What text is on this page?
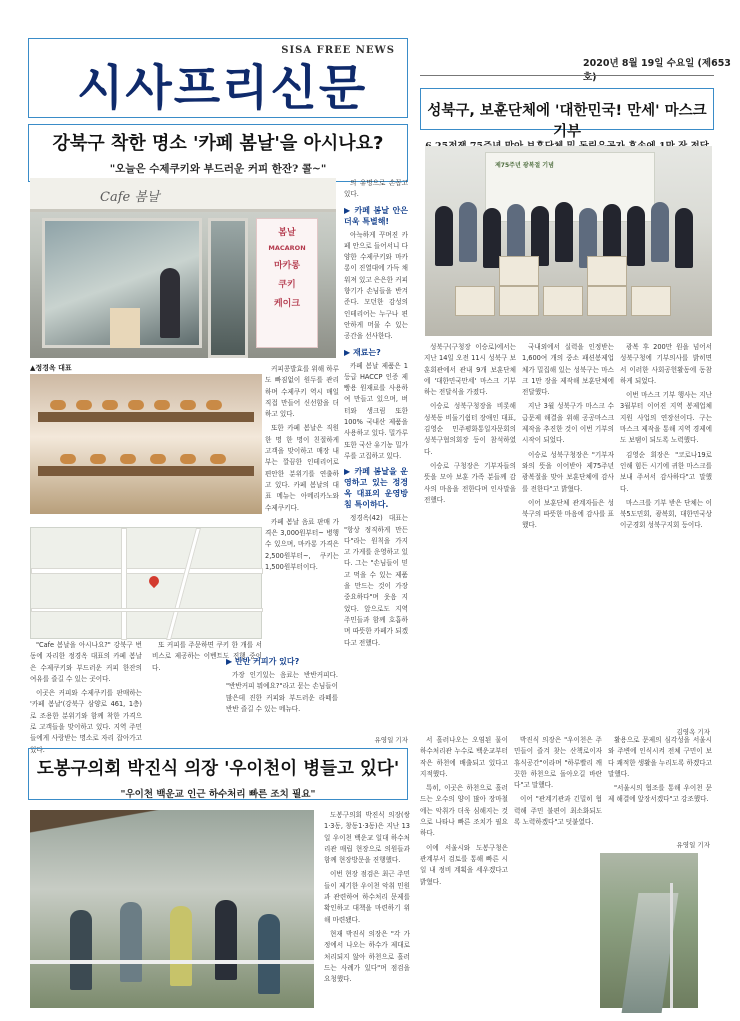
SISA FREE NEWS
시사프리신문	2020년 8월 19일 수요일 (제653호)
강북구 착한 명소 '카페 봄날'을 아시나요?
"오늘은 수제쿠키와 부드러운 커피 한잔? 콜~"
Cafe 봄날
봄날
MACARON
마카롱
쿠키
케이크
▲정경옥 대표

"Cafe 봄날을 아시나요?" 강북구 번동에 자리한 정경옥 대표의 카페 봄날은 수제쿠키와 부드러운 커피 한잔의 여유를 즐길 수 있는 곳이다.

이곳은 커피와 수제쿠키를 판매하는 '카페 봄날'(강북구 삼양로 461, 1층)로 조용한 분위기와 함께 착한 가격으로 고객들을 맞이하고 있다. 지역 주민들에게 사랑받는 명소로 자리 잡아가고 있다.

또 커피를 주문하면 쿠키 한 개를 서비스로 제공하는 이벤트도 진행 중이다.

커피콩발효를 위해 하루도 빠짐없이 원두를 관리하며 수제쿠키 역시 매일 직접 만들어 신선함을 더하고 있다.

또한 카페 봄날은 직원 한 명 한 명이 친절하게 고객을 맞이하고 매장 내부는 깔끔한 인테리어로 편안한 분위기를 연출하고 있다. 카페 봄날의 대표 메뉴는 아메리카노와 수제쿠키다.

카페 봄날 음료 판매 가격은 3,000원부터~ 병행 수 있으며, 마카롱 가격은 2,500원부터~, 쿠키는 1,500원부터이다.

▶ 반반 커피가 있다?

가장 인기있는 음료는 반반커피다. "반반커피 뭐예요?"라고 묻는 손님들이 많은데 진한 커피와 부드러운 라떼를 반반 즐길 수 있는 메뉴다.

의 유명으로 손꼽고 있다.

▶ 카페 봄날 안은 더욱 특별해!

아늑하게 꾸며진 카페 안으로 들어서니 다양한 수제쿠키와 마카롱이 진열대에 가득 채워져 있고 은은한 커피 향기가 손님들을 반겨준다. 모던한 감성의 인테리어는 누구나 편안하게 머물 수 있는 공간을 선사한다.

▶ 재료는?

카페 봄날 제품은 1등급 HACCP 인증 제빵용 원재료를 사용하여 만들고 있으며, 버터와 생크림 또한 100% 국내산 제품을 사용하고 있다. 밀가루 또한 국산 유기농 밀가루를 고집하고 있다.

▶ 카페 봄날을 운영하고 있는 정경옥 대표의 운영방침 특이하다.

정경옥(42) 대표는 "항상 정직하게 만든다"라는 원칙을 가지고 가게를 운영하고 있다. 그는 "손님들이 믿고 먹을 수 있는 제품을 만드는 것이 가장 중요하다"며 웃음 지었다. 앞으로도 지역 주민들과 함께 호흡하며 따뜻한 카페가 되겠다고 전했다.

유영일 기자
성북구, 보훈단체에 '대한민국! 만세' 마스크 기부
제75주년 광복절 기념

성북구(구청장 이승로)에서는 지난 14일 오전 11시 성북구 보훈회관에서 관내 9개 보훈단체에 '대한민국만세' 마스크 기부하는 전달식을 가졌다.

이승로 성북구청장을 비롯해 성북동 비둘기쉼터 장애인 대표, 김영순 민주평화통일자문회의 성북구협의회장 등이 참석하였다.

이승로 구청장은 기부자들의 뜻을 모아 보훈 가족 분들께 감사의 마음을 전한다며 인사말을 전했다.

국내외에서 실력을 인정받는 1,600여 개의 중소 패션봉제업체가 밀집해 있는 성북구는 마스크 1만 장을 제작해 보훈단체에 전달했다.

지난 3월 성북구가 마스크 수급문제 해결을 위해 공공마스크 제작을 추진한 것이 이번 기부의 시작이 되었다.

이승로 성북구청장은 "기부자와의 뜻을 이어받아 제75주년 광복절을 맞아 보훈단체에 감사를 전한다"고 밝혔다.

이어 보훈단체 관계자들은 성북구의 따뜻한 마음에 감사를 표했다.

광복 후 200만 원을 넘어서 성북구청에 기부의사를 밝히면서 이러한 사회공헌활동에 동참하게 되었다.

이번 마스크 기부 행사는 지난 3월부터 이어진 지역 봉제업체 지원 사업의 연장선이다. 구는 마스크 제작을 통해 지역 경제에도 보탬이 되도록 노력했다.

김영순 회장은 "코로나19로 인해 힘든 시기에 귀한 마스크를 보내 주셔서 감사하다"고 말했다.

마스크를 기부 받은 단체는 이북5도민회, 광복회, 대한민국상이군경회 성북구지회 등이다.

김영옥 기자
도봉구의회 박진식 의장 '우이천이 병들고 있다'
"우이천 백운교 인근 하수처리 빠른 조치 필요"

도봉구의회 박진식 의장(쌍1·3동, 창동1·3동)은 지난 13일 우이천 백운교 일대 하수처리관 매립 현장으로 의원들과 함께 현장방문을 진행했다.

이번 현장 점검은 최근 주민들이 제기한 우이천 악취 민원과 관련하여 하수처리 문제를 확인하고 대책을 마련하기 위해 마련됐다.

현재 박진식 의장은 "각 가정에서 나오는 하수가 제대로 처리되지 않아 하천으로 흘러드는 사례가 있다"며 점검을 요청했다.

서 흘러나오는 오염된 물이 하수처리관 누수로 백운교부터 작은 하천에 배출되고 있다고 지적했다.

특히, 이곳은 하천으로 흘러드는 오수의 양이 많아 장마철에는 악취가 더욱 심해지는 것으로 나타나 빠른 조치가 필요하다.

이에 서울시와 도봉구청은 관계부서 검토를 통해 빠른 시일 내 정비 계획을 세우겠다고 밝혔다.

박진식 의장은 "우이천은 주민들이 즐겨 찾는 산책로이자 휴식공간"이라며 "하루빨리 깨끗한 하천으로 돌아오길 바란다"고 말했다.

이어 "관계기관과 긴밀히 협력해 주민 불편이 최소화되도록 노력하겠다"고 덧붙였다.

활용으로 문제의 심각성을 서울시와 주변에 인식시켜 전체 구민이 보다 쾌적한 생활을 누리도록 하겠다고 말했다.

"서울시의 협조를 통해 우이천 문제 해결에 앞장서겠다"고 강조했다.

유영일 기자
